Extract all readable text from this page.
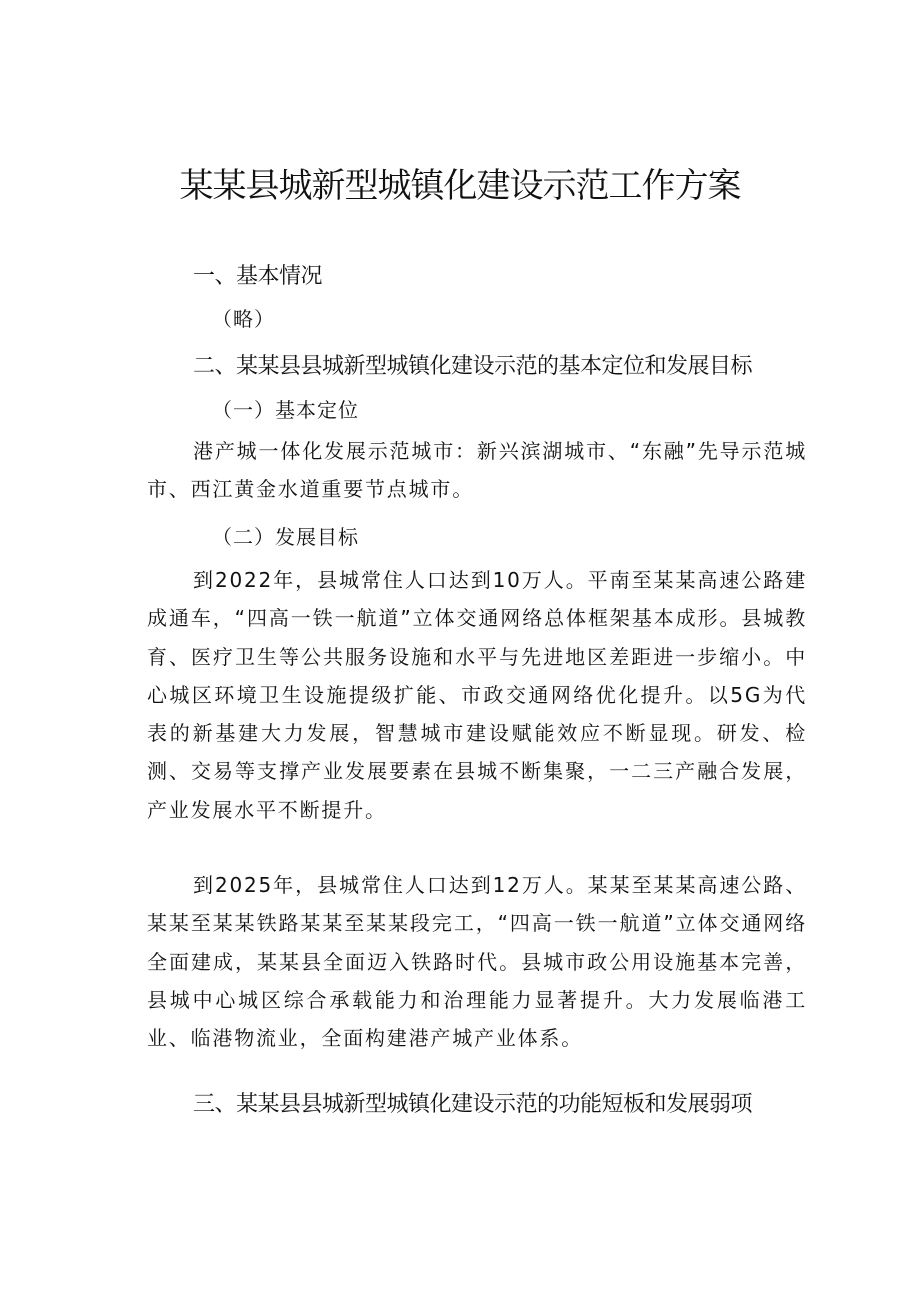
某某县城新型城镇化建设示范工作方案
一、基本情况
（略）
二、某某县县城新型城镇化建设示范的基本定位和发展目标
（一）基本定位
港产城一体化发展示范城市：新兴滨湖城市、“东融”先导示范城市、西江黄金水道重要节点城市。
（二）发展目标
到2022年，县城常住人口达到10万人。平南至某某高速公路建成通车，“四高一铁一航道”立体交通网络总体框架基本成形。县城教育、医疗卫生等公共服务设施和水平与先进地区差距进一步缩小。中心城区环境卫生设施提级扩能、市政交通网络优化提升。以5G为代表的新基建大力发展，智慧城市建设赋能效应不断显现。研发、检测、交易等支撑产业发展要素在县城不断集聚，一二三产融合发展，产业发展水平不断提升。
到2025年，县城常住人口达到12万人。某某至某某高速公路、某某至某某铁路某某至某某段完工，“四高一铁一航道”立体交通网络全面建成，某某县全面迈入铁路时代。县城市政公用设施基本完善，县城中心城区综合承载能力和治理能力显著提升。大力发展临港工业、临港物流业，全面构建港产城产业体系。
三、某某县县城新型城镇化建设示范的功能短板和发展弱项
